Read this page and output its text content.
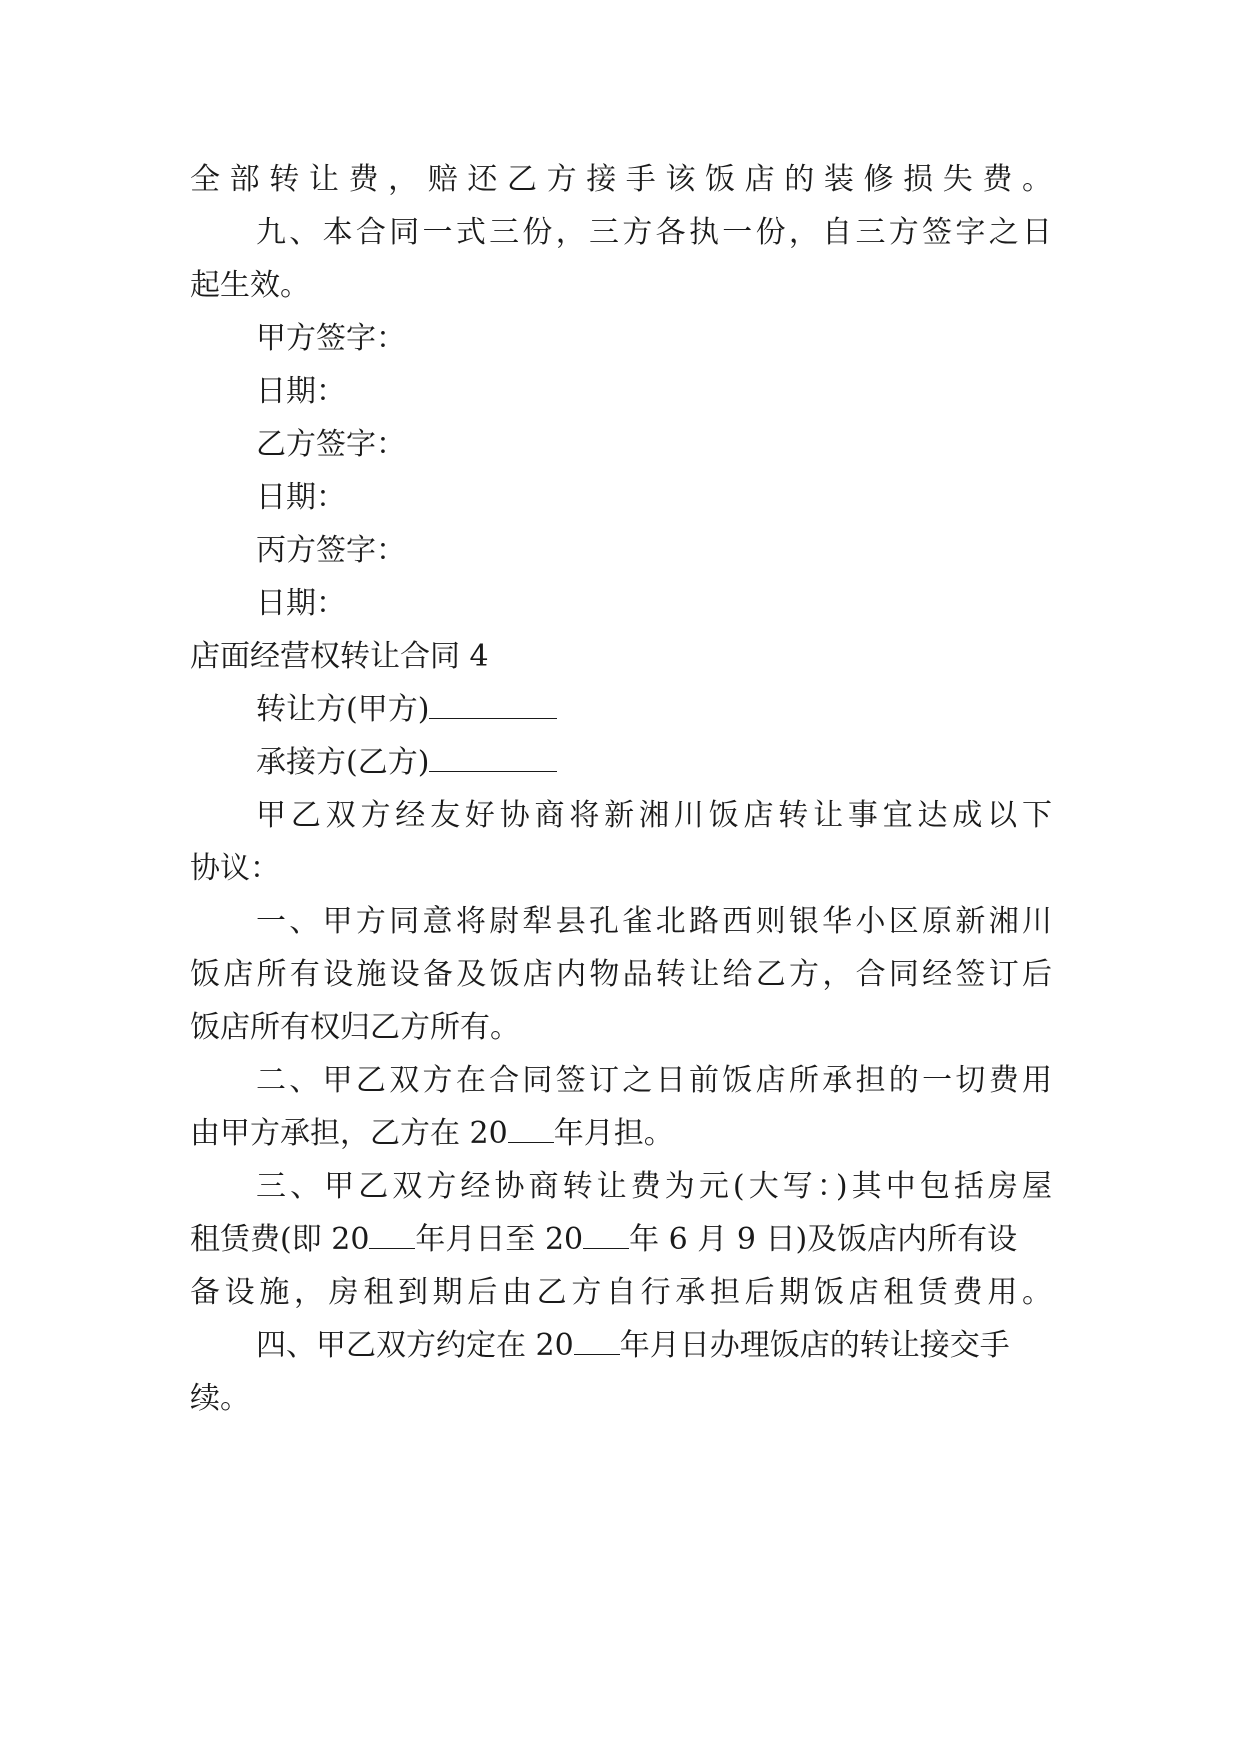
全部转让费，赔还乙方接手该饭店的装修损失费。
九、本合同一式三份，三方各执一份，自三方签字之日
起生效。
甲方签字：
日期：
乙方签字：
日期：
丙方签字：
日期：
店面经营权转让合同 4
转让方(甲方)
承接方(乙方)
甲乙双方经友好协商将新湘川饭店转让事宜达成以下
协议：
一、甲方同意将尉犁县孔雀北路西则银华小区原新湘川
饭店所有设施设备及饭店内物品转让给乙方，合同经签订后
饭店所有权归乙方所有。
二、甲乙双方在合同签订之日前饭店所承担的一切费用
由甲方承担，乙方在 20 年月担。
三、甲乙双方经协商转让费为元(大写：)其中包括房屋
租赁费(即 20 年月日至 20 年 6 月 9 日)及饭店内所有设
备设施，房租到期后由乙方自行承担后期饭店租赁费用。
四、甲乙双方约定在 20 年月日办理饭店的转让接交手
续。
